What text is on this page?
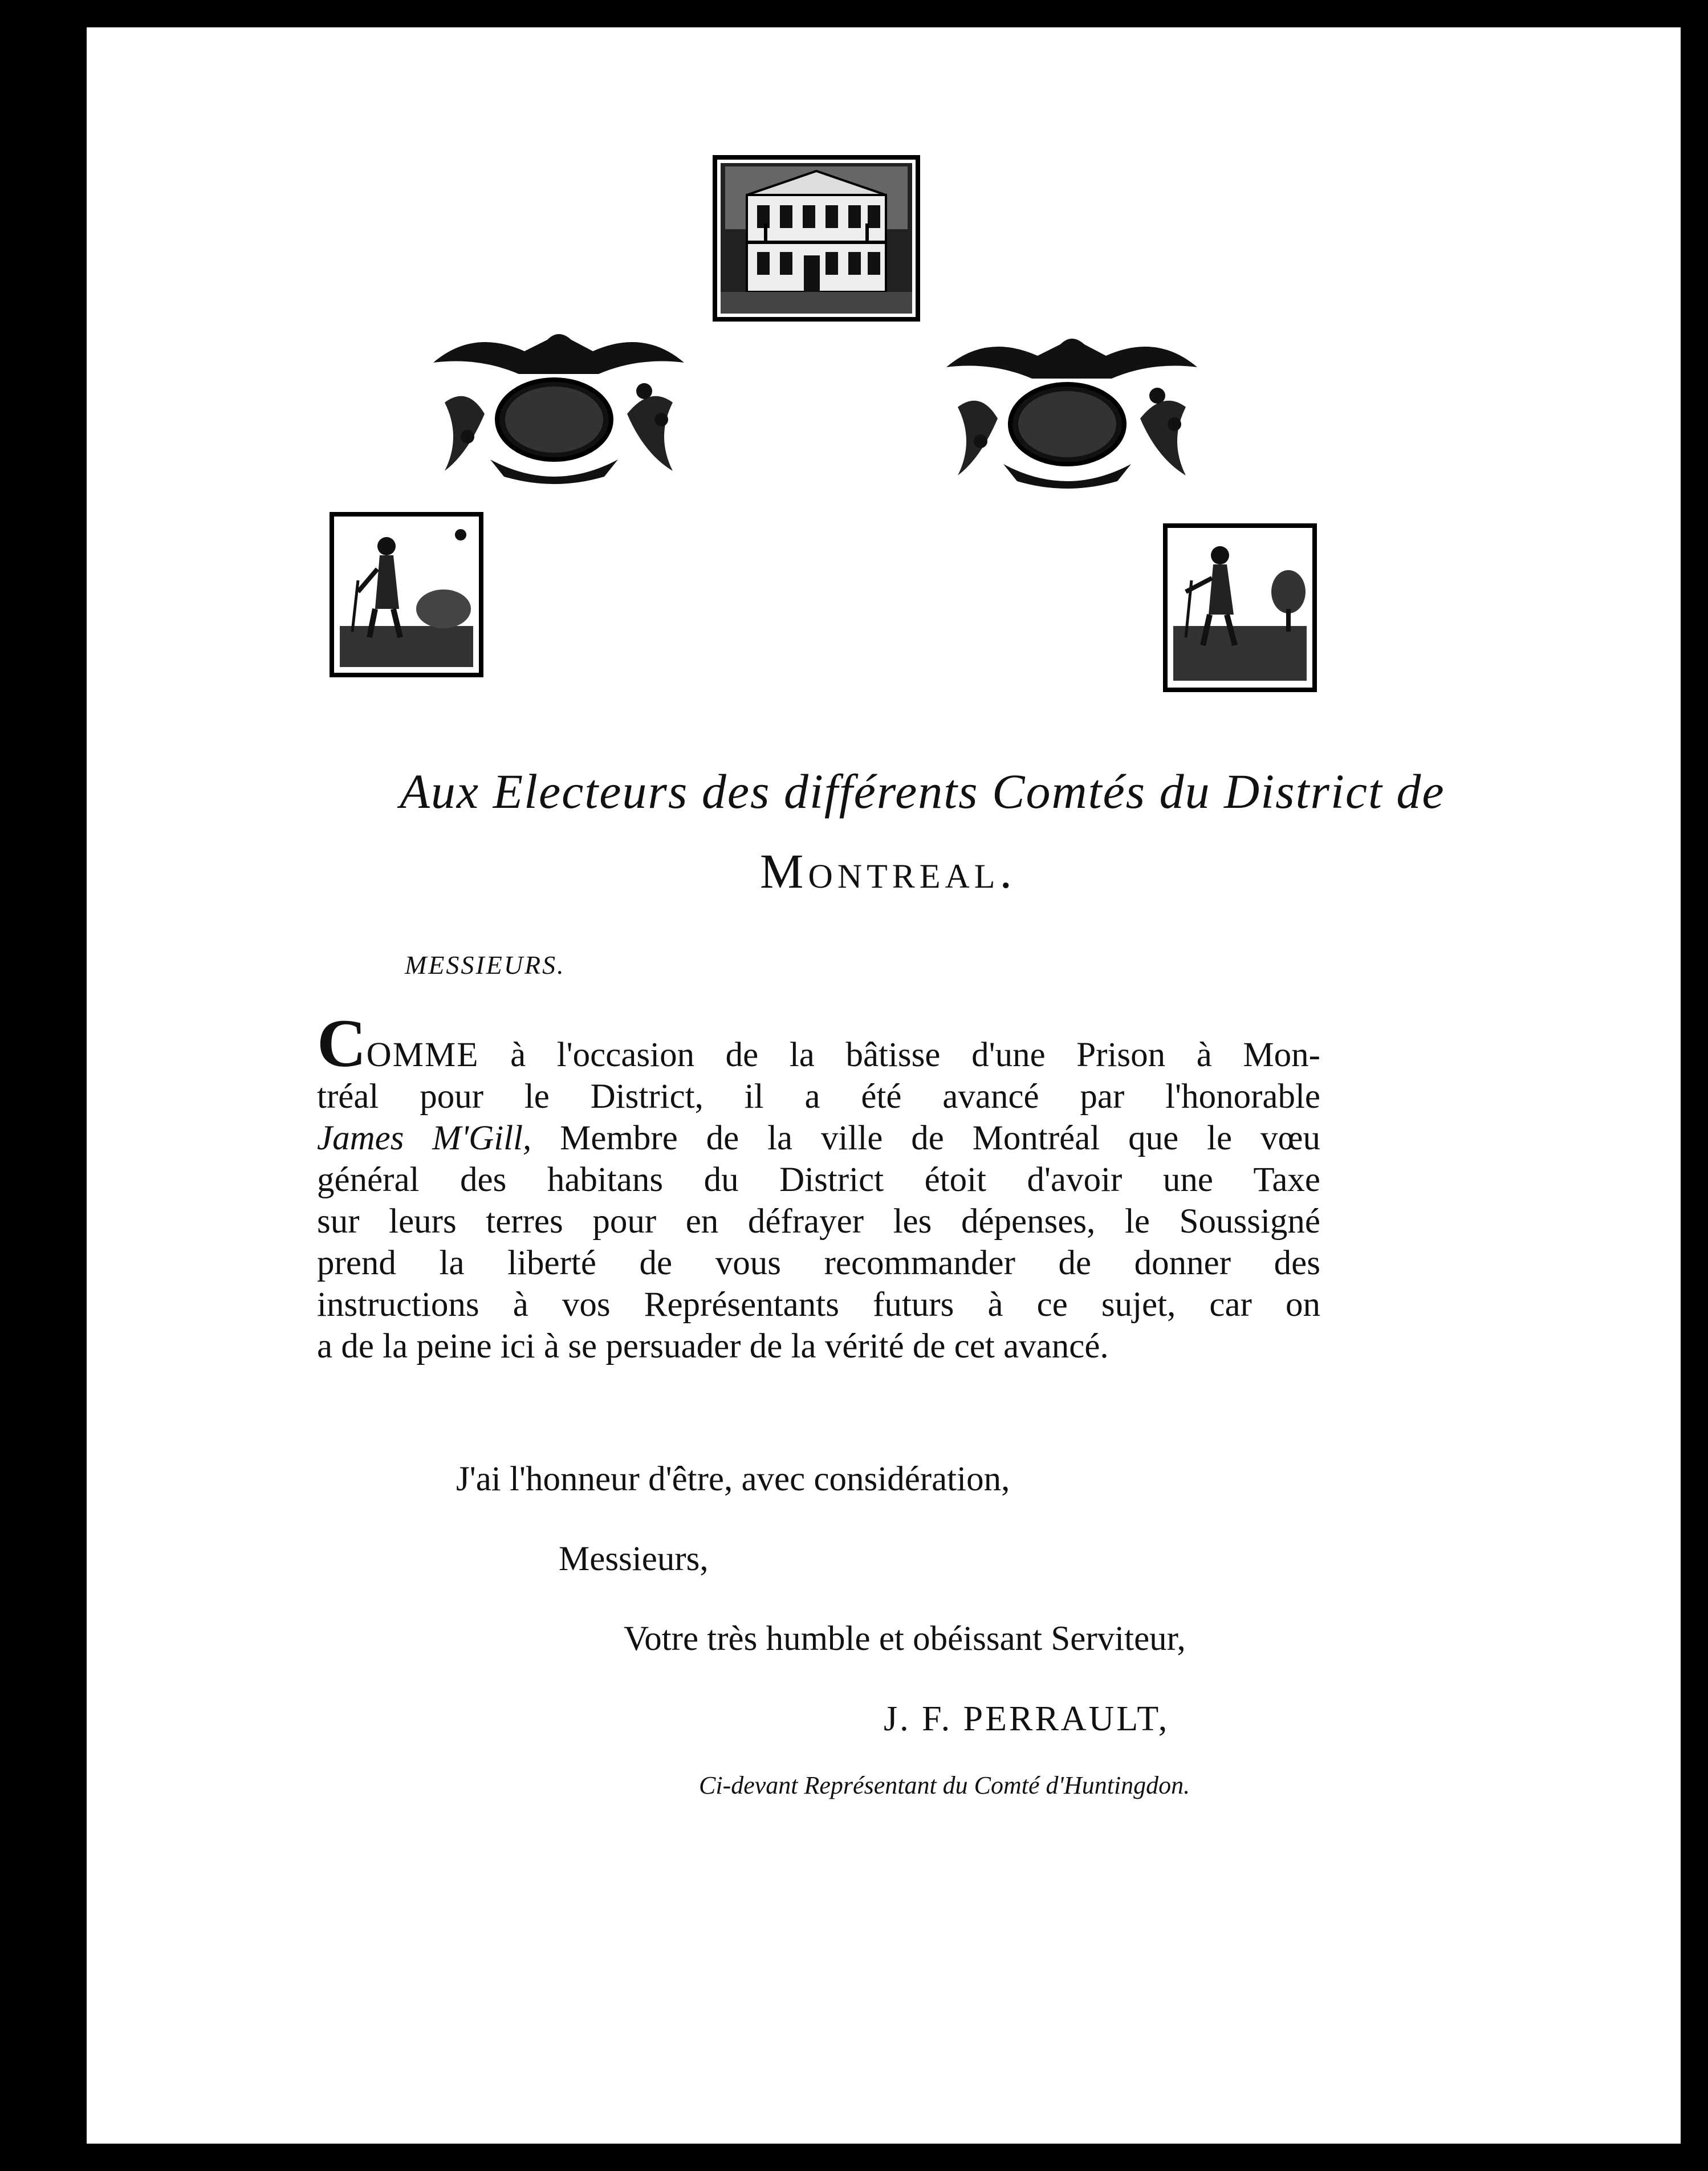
Aux Electeurs des différents Comtés du District de
Montreal.
MESSIEURS.
COMME à l'occasion de la bâtisse d'une Prison à Mon-
tréal pour le District, il a été avancé par l'honorable
James M'Gill, Membre de la ville de Montréal que le vœu
général des habitans du District étoit d'avoir une Taxe
sur leurs terres pour en défrayer les dépenses, le Soussigné
prend la liberté de vous recommander de donner des
instructions à vos Représentants futurs à ce sujet, car on
a de la peine ici à se persuader de la vérité de cet avancé.
J'ai l'honneur d'être, avec considération,
Messieurs,
Votre très humble et obéissant Serviteur,
J. F. PERRAULT,
Ci-devant Représentant du Comté d'Huntingdon.
